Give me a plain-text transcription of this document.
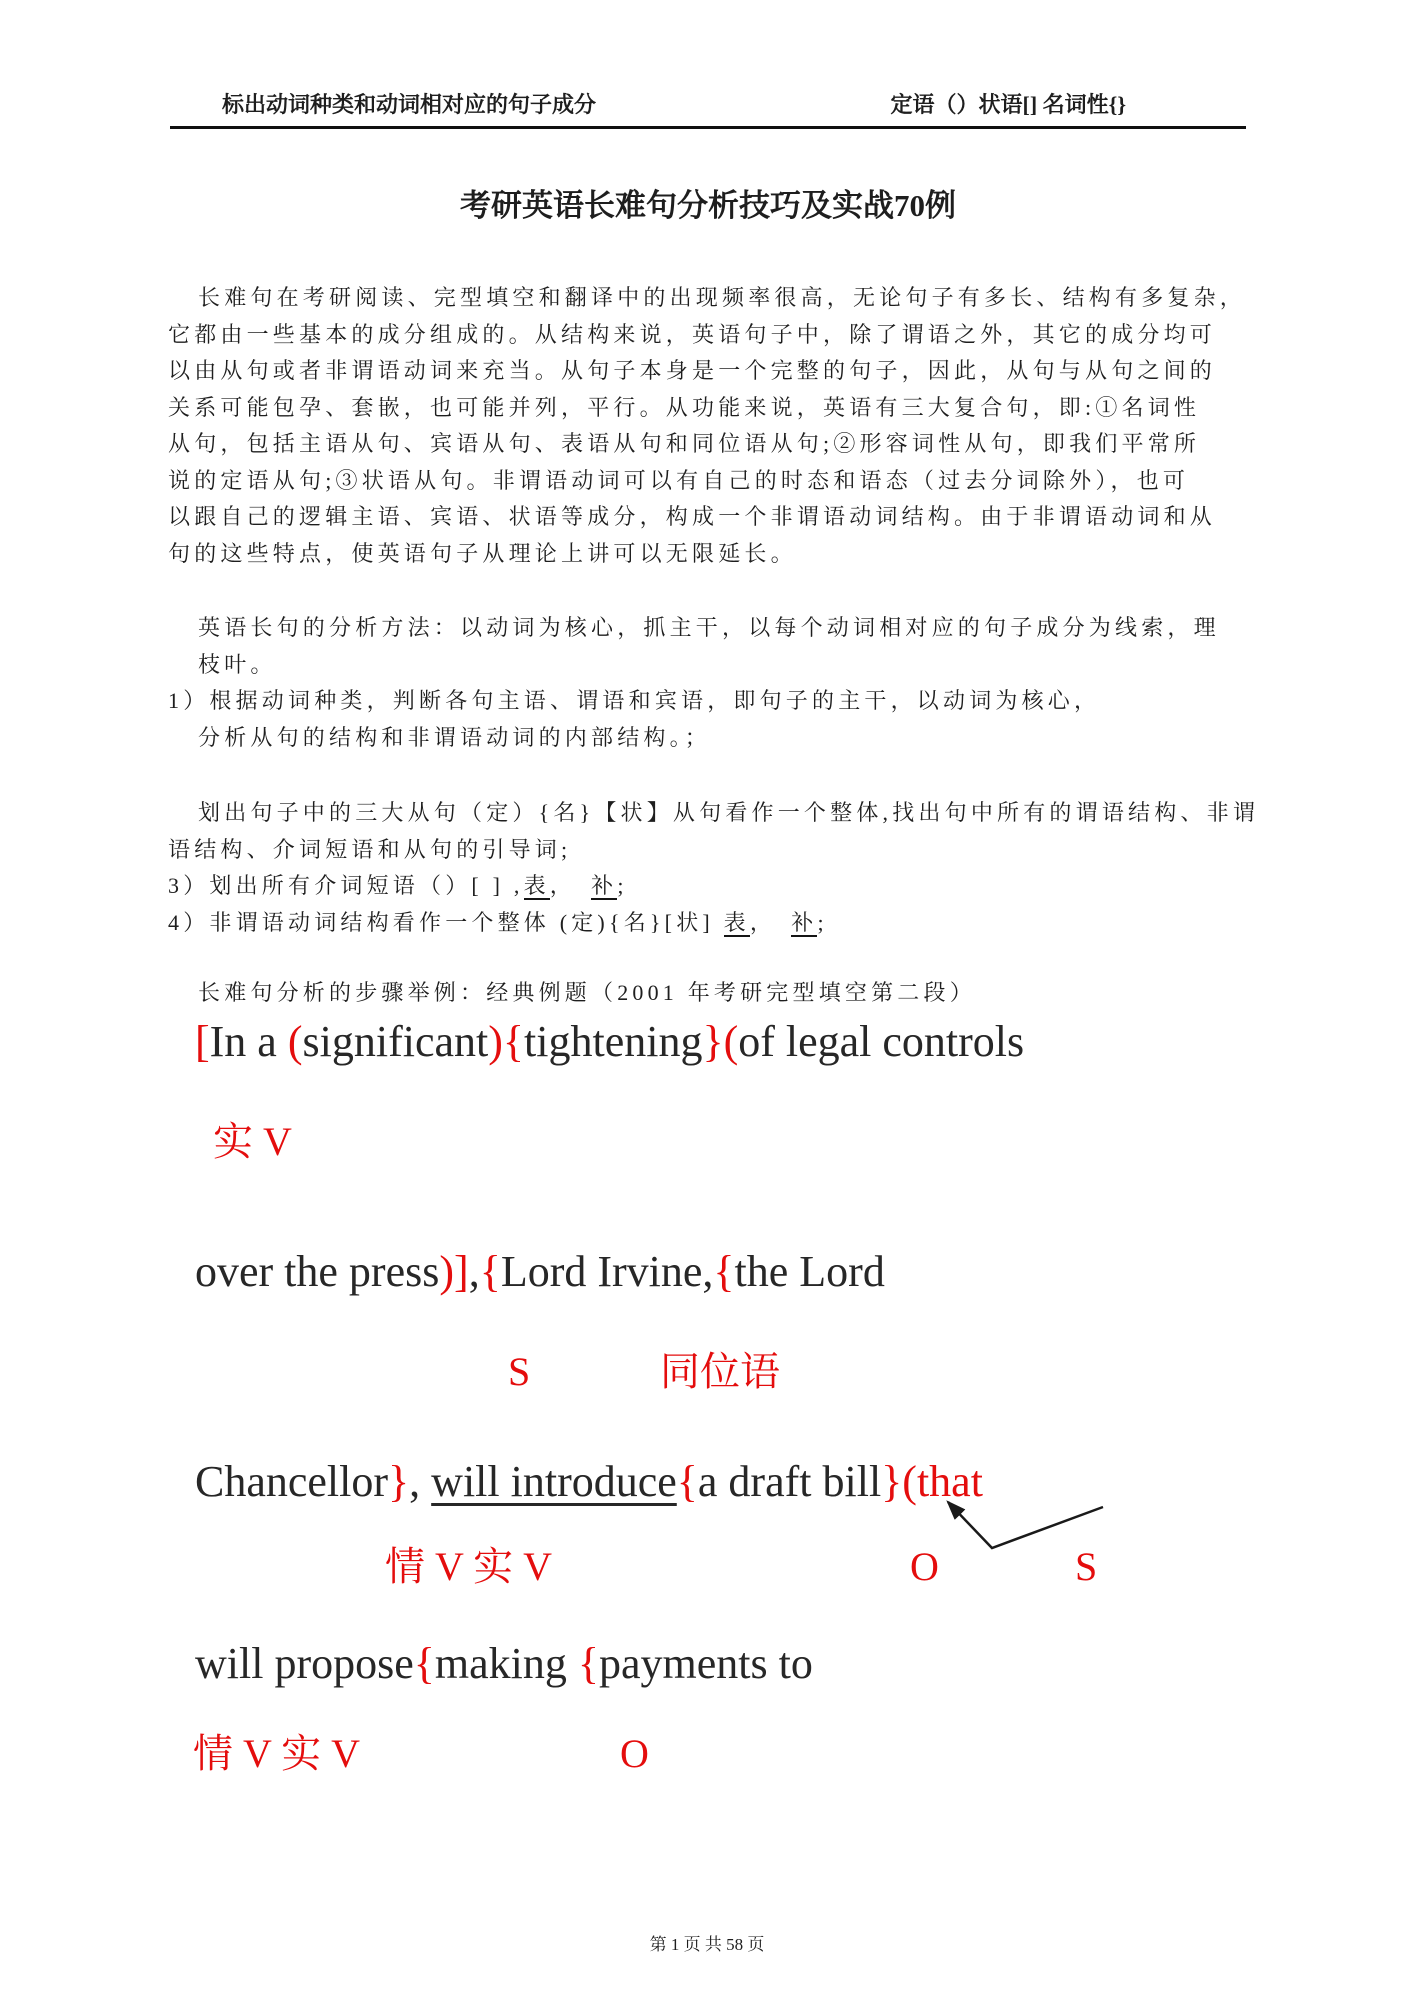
标出动词种类和动词相对应的句子成分	定语（）状语[] 名词性{}
考研英语长难句分析技巧及实战70例
长难句在考研阅读、完型填空和翻译中的出现频率很高，无论句子有多长、结构有多复杂，
它都由一些基本的成分组成的。从结构来说，英语句子中，除了谓语之外，其它的成分均可
以由从句或者非谓语动词来充当。从句子本身是一个完整的句子，因此，从句与从句之间的
关系可能包孕、套嵌，也可能并列，平行。从功能来说，英语有三大复合句，即:①名词性
从句，包括主语从句、宾语从句、表语从句和同位语从句;②形容词性从句，即我们平常所
说的定语从句;③状语从句。非谓语动词可以有自己的时态和语态（过去分词除外），也可
以跟自己的逻辑主语、宾语、状语等成分，构成一个非谓语动词结构。由于非谓语动词和从
句的这些特点，使英语句子从理论上讲可以无限延长。
英语长句的分析方法：以动词为核心，抓主干，以每个动词相对应的句子成分为线索，理
枝叶。
1）根据动词种类，判断各句主语、谓语和宾语，即句子的主干，以动词为核心，
分析从句的结构和非谓语动词的内部结构。；
划出句子中的三大从句（定）{名}【状】从句看作一个整体,找出句中所有的谓语结构、非谓
语结构、介词短语和从句的引导词;
3）划出所有介词短语（）[ ] ,表，　补;
4）非谓语动词结构看作一个整体 (定){名}[状] 表，　补;
长难句分析的步骤举例：经典例题（2001 年考研完型填空第二段）
[In a (significant){tightening}(of legal controls
实 V
over the press)],{Lord Irvine,{the Lord
S	同位语
Chancellor}, will introduce{a draft bill}(that
情 V 实 V	O	S
will propose{making {payments to
情 V 实 V	O
第 1 页 共 58 页
